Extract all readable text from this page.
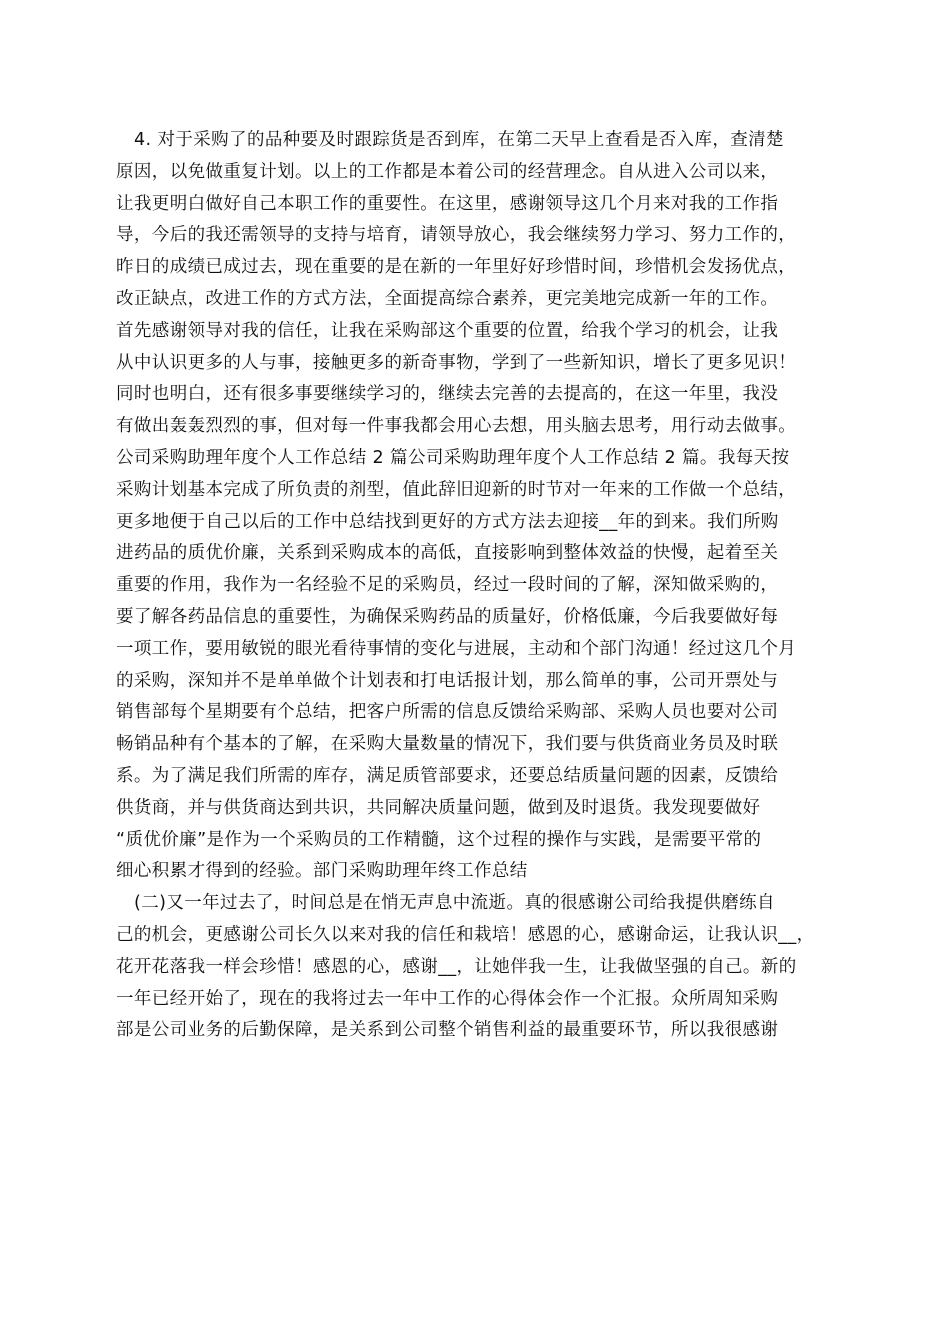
4. 对于采购了的品种要及时跟踪货是否到库，在第二天早上查看是否入库，查清楚
原因，以免做重复计划。以上的工作都是本着公司的经营理念。自从进入公司以来，
让我更明白做好自己本职工作的重要性。在这里，感谢领导这几个月来对我的工作指
导，今后的我还需领导的支持与培育，请领导放心，我会继续努力学习、努力工作的，
昨日的成绩已成过去，现在重要的是在新的一年里好好珍惜时间，珍惜机会发扬优点，
改正缺点，改进工作的方式方法，全面提高综合素养，更完美地完成新一年的工作。
首先感谢领导对我的信任，让我在采购部这个重要的位置，给我个学习的机会，让我
从中认识更多的人与事，接触更多的新奇事物，学到了一些新知识，增长了更多见识！
同时也明白，还有很多事要继续学习的，继续去完善的去提高的，在这一年里，我没
有做出轰轰烈烈的事，但对每一件事我都会用心去想，用头脑去思考，用行动去做事。
公司采购助理年度个人工作总结 2 篇公司采购助理年度个人工作总结 2 篇。我每天按
采购计划基本完成了所负责的剂型，值此辞旧迎新的时节对一年来的工作做一个总结，
更多地便于自己以后的工作中总结找到更好的方式方法去迎接__年的到来。我们所购
进药品的质优价廉，关系到采购成本的高低，直接影响到整体效益的快慢，起着至关
重要的作用，我作为一名经验不足的采购员，经过一段时间的了解，深知做采购的，
要了解各药品信息的重要性，为确保采购药品的质量好，价格低廉，今后我要做好每
一项工作，要用敏锐的眼光看待事情的变化与进展，主动和个部门沟通！经过这几个月
的采购，深知并不是单单做个计划表和打电话报计划，那么简单的事，公司开票处与
销售部每个星期要有个总结，把客户所需的信息反馈给采购部、采购人员也要对公司
畅销品种有个基本的了解，在采购大量数量的情况下，我们要与供货商业务员及时联
系。为了满足我们所需的库存，满足质管部要求，还要总结质量问题的因素，反馈给
供货商，并与供货商达到共识，共同解决质量问题，做到及时退货。我发现要做好
“质优价廉”是作为一个采购员的工作精髓，这个过程的操作与实践，是需要平常的
细心积累才得到的经验。部门采购助理年终工作总结
(二)又一年过去了，时间总是在悄无声息中流逝。真的很感谢公司给我提供磨练自
己的机会，更感谢公司长久以来对我的信任和栽培！感恩的心，感谢命运，让我认识__，
花开花落我一样会珍惜！感恩的心，感谢__，让她伴我一生，让我做坚强的自己。新的
一年已经开始了，现在的我将过去一年中工作的心得体会作一个汇报。众所周知采购
部是公司业务的后勤保障，是关系到公司整个销售利益的最重要环节，所以我很感谢
